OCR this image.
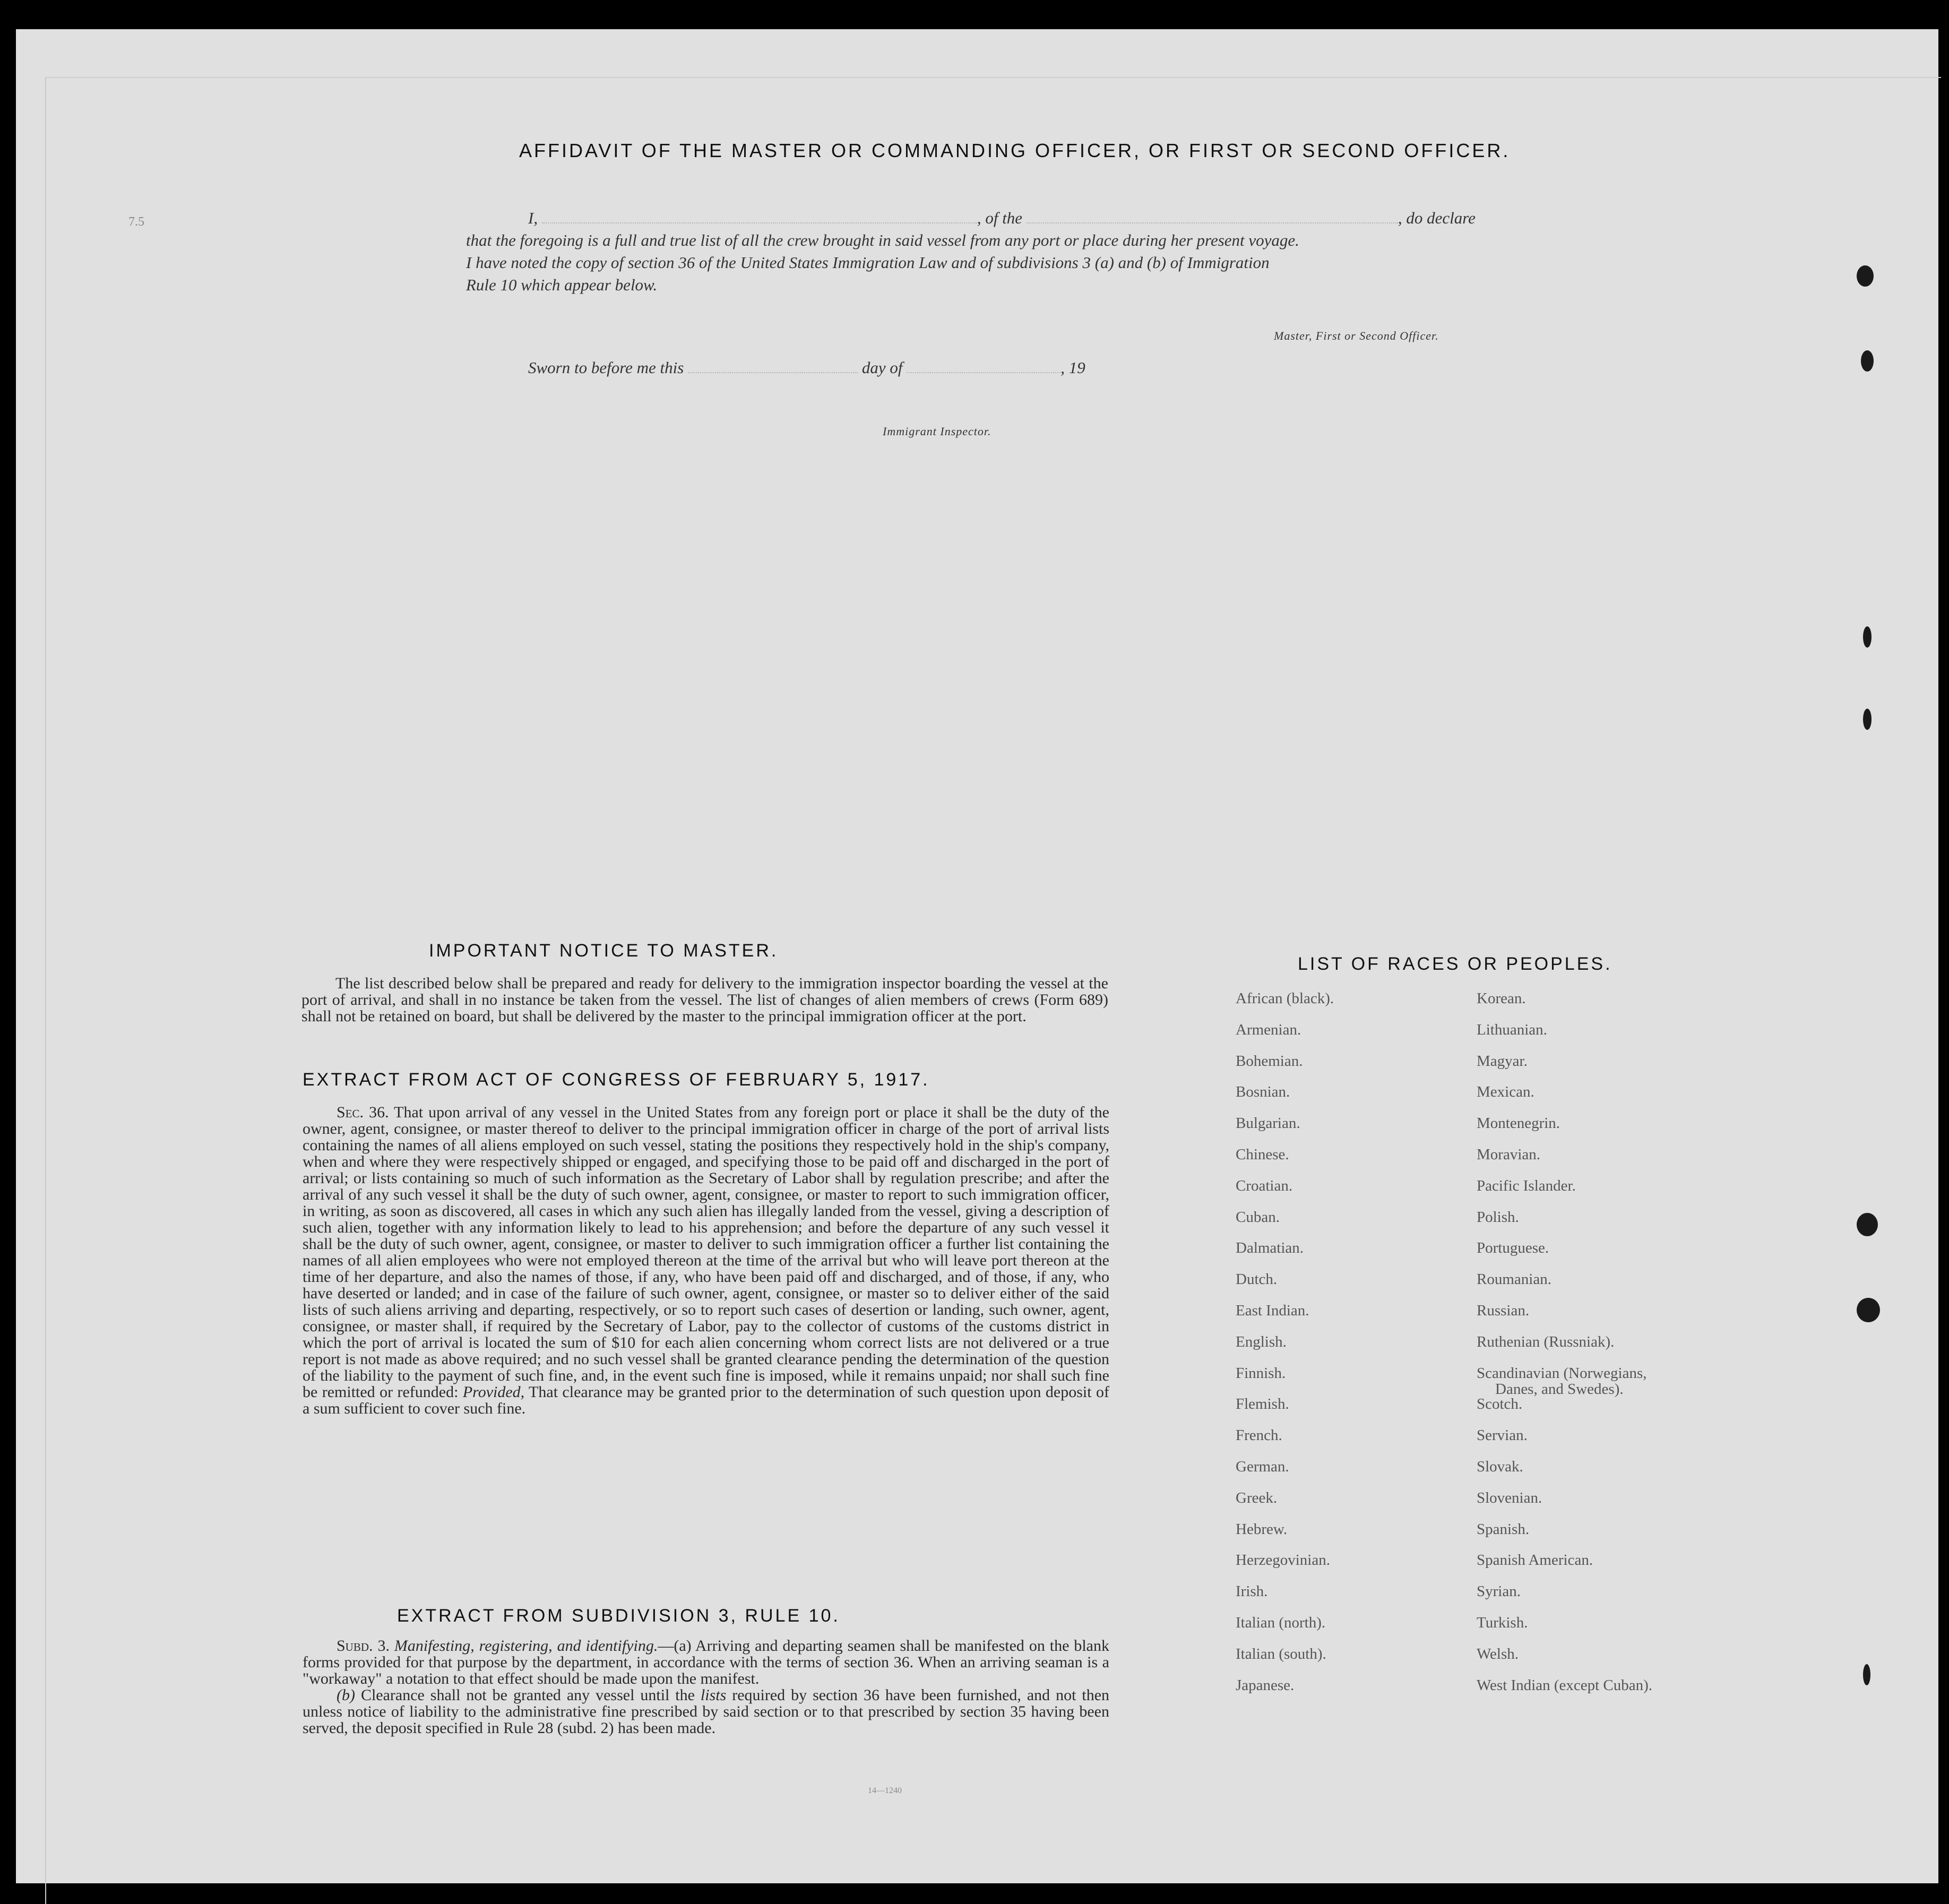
7.5
AFFIDAVIT OF THE MASTER OR COMMANDING OFFICER, OR FIRST OR SECOND OFFICER.
I,	, of the	, do declare
that the foregoing is a full and true list of all the crew brought in said vessel from any port or place during her present voyage.
I have noted the copy of section 36 of the United States Immigration Law and of subdivisions 3 (a) and (b) of Immigration
Rule 10 which appear below.
Master, First or Second Officer.
Sworn to before me this	day of	, 19
Immigrant Inspector.
IMPORTANT NOTICE TO MASTER.

The list described below shall be prepared and ready for delivery to the immigration inspector boarding the vessel at the port of arrival, and shall in no instance be taken from the vessel. The list of changes of alien members of crews (Form 689) shall not be retained on board, but shall be delivered by the master to the principal immigration officer at the port.

EXTRACT FROM ACT OF CONGRESS OF FEBRUARY 5, 1917.

Sec. 36. That upon arrival of any vessel in the United States from any foreign port or place it shall be the duty of the owner, agent, consignee, or master thereof to deliver to the principal immigration officer in charge of the port of arrival lists containing the names of all aliens employed on such vessel, stating the positions they respectively hold in the ship's company, when and where they were respectively shipped or engaged, and specifying those to be paid off and discharged in the port of arrival; or lists containing so much of such information as the Secretary of Labor shall by regulation prescribe; and after the arrival of any such vessel it shall be the duty of such owner, agent, consignee, or master to report to such immigration officer, in writing, as soon as discovered, all cases in which any such alien has illegally landed from the vessel, giving a description of such alien, together with any information likely to lead to his apprehension; and before the departure of any such vessel it shall be the duty of such owner, agent, consignee, or master to deliver to such immigration officer a further list containing the names of all alien employees who were not employed thereon at the time of the arrival but who will leave port thereon at the time of her departure, and also the names of those, if any, who have been paid off and discharged, and of those, if any, who have deserted or landed; and in case of the failure of such owner, agent, consignee, or master so to deliver either of the said lists of such aliens arriving and departing, respectively, or so to report such cases of desertion or landing, such owner, agent, consignee, or master shall, if required by the Secretary of Labor, pay to the collector of customs of the customs district in which the port of arrival is located the sum of $10 for each alien concerning whom correct lists are not delivered or a true report is not made as above required; and no such vessel shall be granted clearance pending the determination of the question of the liability to the payment of such fine, and, in the event such fine is imposed, while it remains unpaid; nor shall such fine be remitted or refunded: Provided, That clearance may be granted prior to the determination of such question upon deposit of a sum sufficient to cover such fine.

EXTRACT FROM SUBDIVISION 3, RULE 10.

Subd. 3. Manifesting, registering, and identifying.—(a) Arriving and departing seamen shall be manifested on the blank forms provided for that purpose by the department, in accordance with the terms of section 36. When an arriving seaman is a "workaway" a notation to that effect should be made upon the manifest.

(b) Clearance shall not be granted any vessel until the lists required by section 36 have been furnished, and not then unless notice of liability to the administrative fine prescribed by said section or to that prescribed by section 35 having been served, the deposit specified in Rule 28 (subd. 2) has been made.

14—1240
LIST OF RACES OR PEOPLES.
African (black).
Armenian.
Bohemian.
Bosnian.
Bulgarian.
Chinese.
Croatian.
Cuban.
Dalmatian.
Dutch.
East Indian.
English.
Finnish.
Flemish.
French.
German.
Greek.
Hebrew.
Herzegovinian.
Irish.
Italian (north).
Italian (south).
Japanese.
Korean.
Lithuanian.
Magyar.
Mexican.
Montenegrin.
Moravian.
Pacific Islander.
Polish.
Portuguese.
Roumanian.
Russian.
Ruthenian (Russniak).
Scandinavian (Norwegians,
Danes, and Swedes).
Scotch.
Servian.
Slovak.
Slovenian.
Spanish.
Spanish American.
Syrian.
Turkish.
Welsh.
West Indian (except Cuban).
